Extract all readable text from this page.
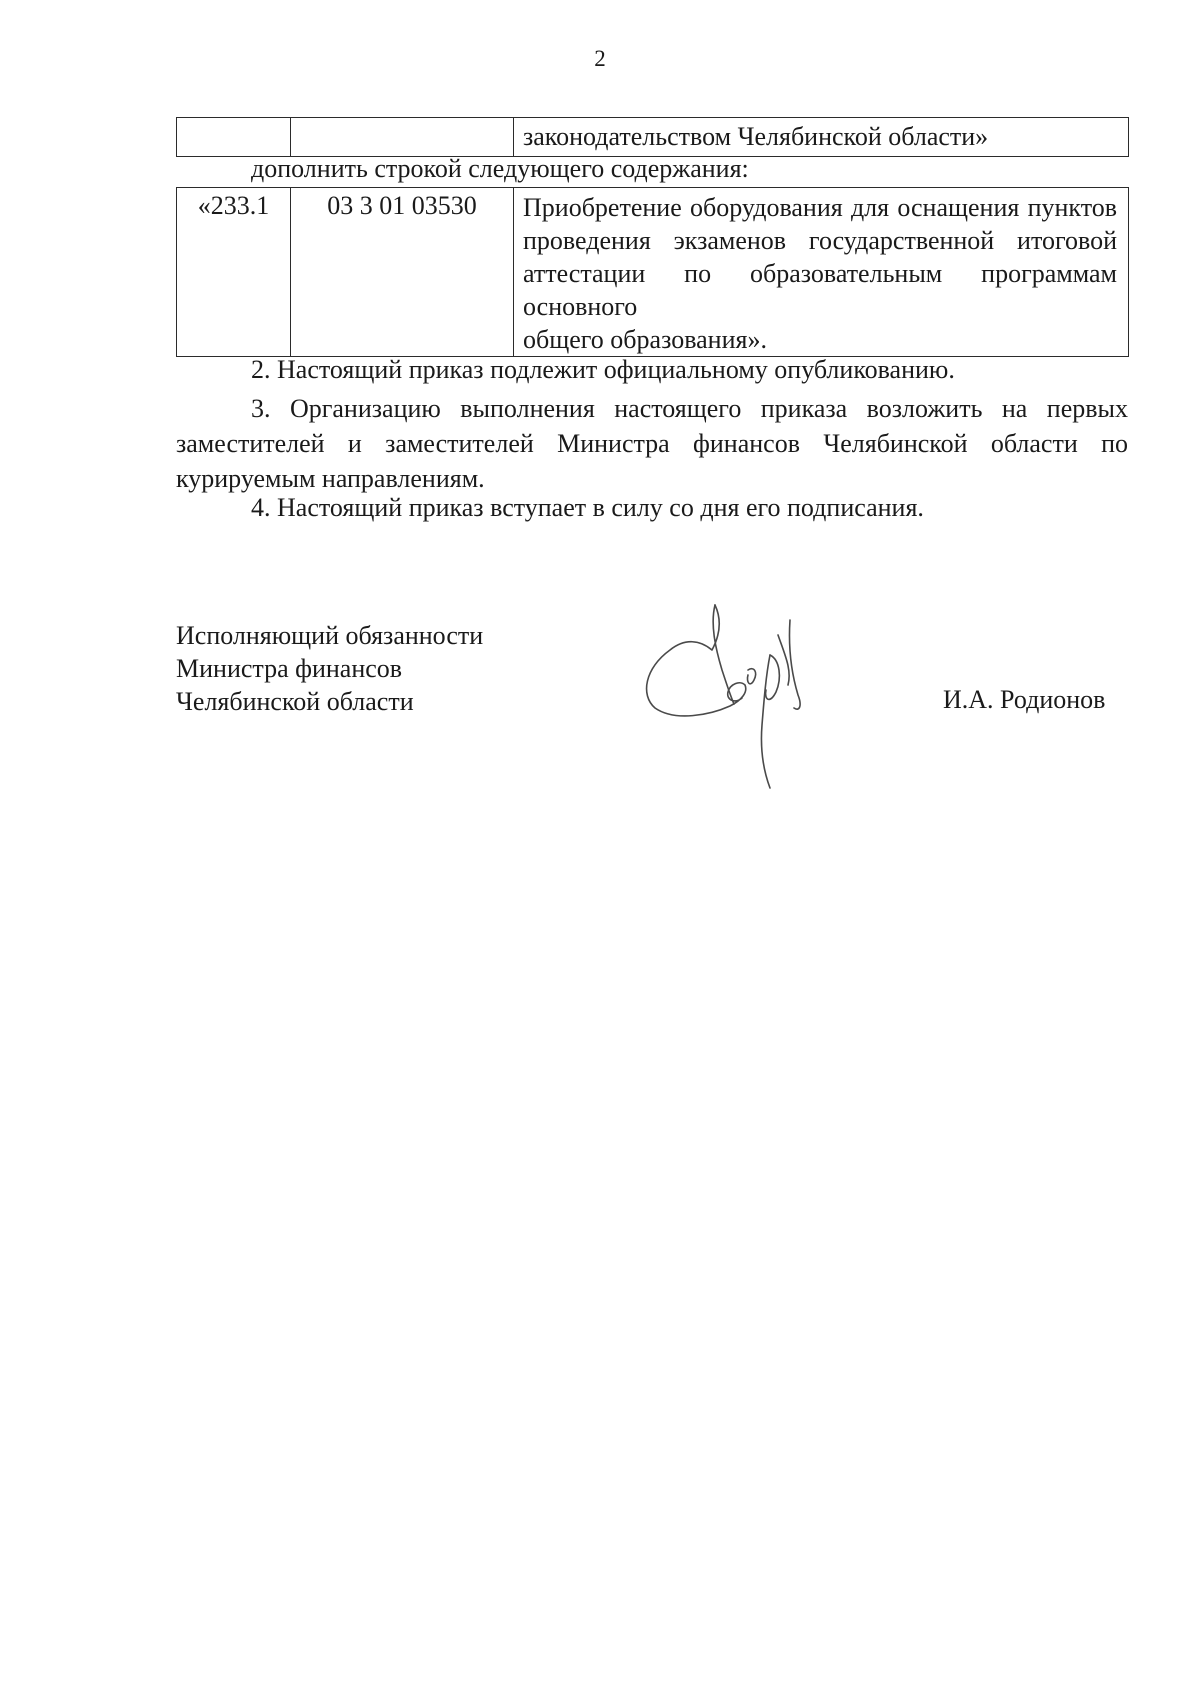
2
		законодательством Челябинской области»
дополнить строкой следующего содержания:
«233.1	03 3 01 03530	Приобретение оборудования для оснащения пунктов проведения экзаменов государственной итоговой аттестации по образовательным программам основного
общего образования».

2. Настоящий приказ подлежит официальному опубликованию.

3. Организацию выполнения настоящего приказа возложить на первых заместителей и заместителей Министра финансов Челябинской области по курируемым направлениям.

4. Настоящий приказ вступает в силу со дня его подписания.

Исполняющий обязанности
Министра финансов
Челябинской области	И.А. Родионов
